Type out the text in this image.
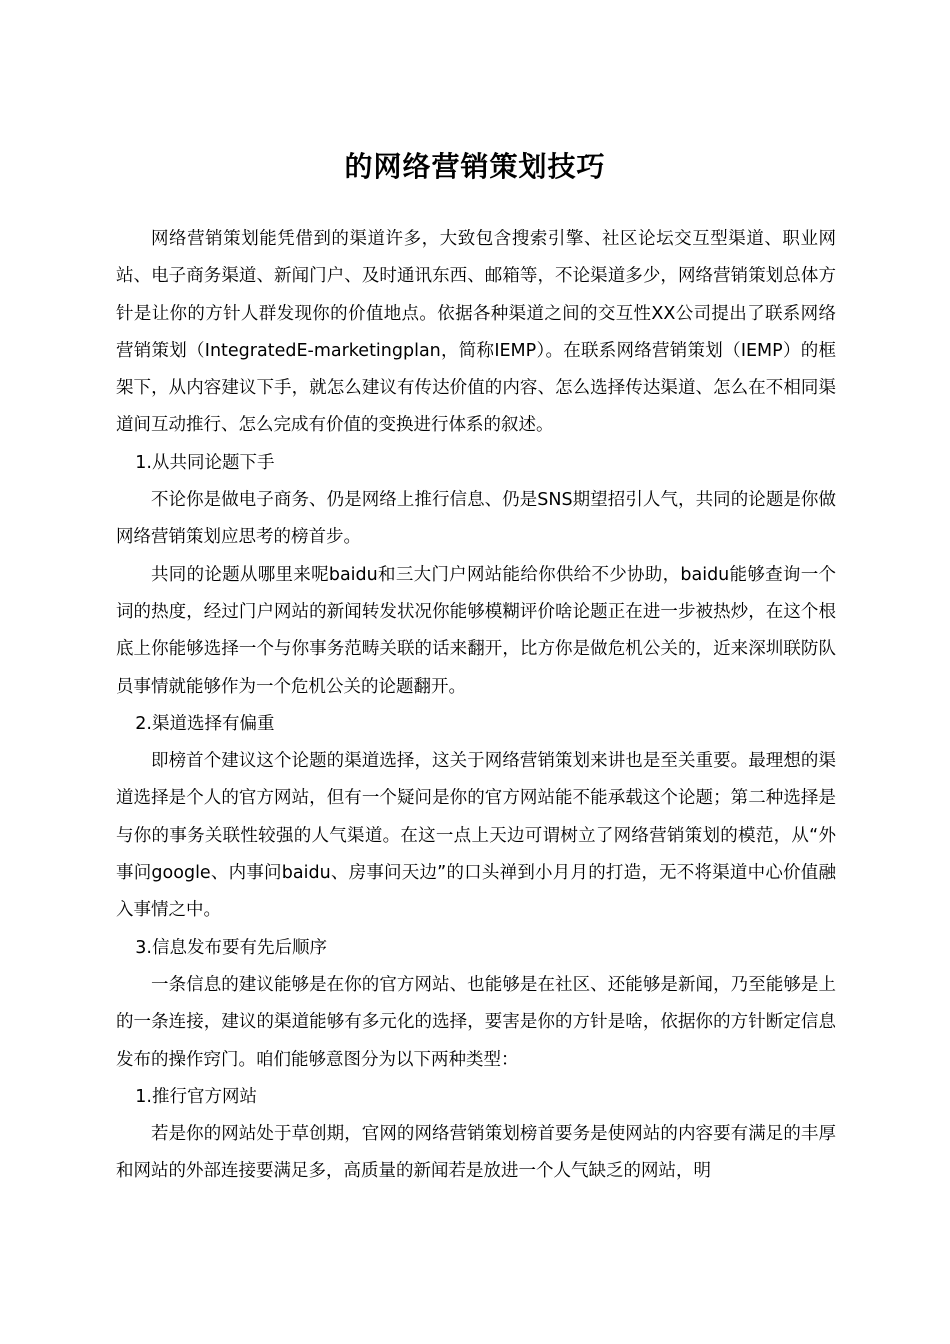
的网络营销策划技巧

网络营销策划能凭借到的渠道许多，大致包含搜索引擎、社区论坛交互型渠道、职业网站、电子商务渠道、新闻门户、及时通讯东西、邮箱等，不论渠道多少，网络营销策划总体方针是让你的方针人群发现你的价值地点。依据各种渠道之间的交互性XX公司提出了联系网络营销策划（IntegratedE-marketingplan，简称IEMP）。在联系网络营销策划（IEMP）的框架下，从内容建议下手，就怎么建议有传达价值的内容、怎么选择传达渠道、怎么在不相同渠道间互动推行、怎么完成有价值的变换进行体系的叙述。

1.从共同论题下手

不论你是做电子商务、仍是网络上推行信息、仍是SNS期望招引人气，共同的论题是你做网络营销策划应思考的榜首步。

共同的论题从哪里来呢baidu和三大门户网站能给你供给不少协助，baidu能够查询一个词的热度，经过门户网站的新闻转发状况你能够模糊评价啥论题正在进一步被热炒，在这个根底上你能够选择一个与你事务范畴关联的话来翻开，比方你是做危机公关的，近来深圳联防队员事情就能够作为一个危机公关的论题翻开。

2.渠道选择有偏重

即榜首个建议这个论题的渠道选择，这关于网络营销策划来讲也是至关重要。最理想的渠道选择是个人的官方网站，但有一个疑问是你的官方网站能不能承载这个论题；第二种选择是与你的事务关联性较强的人气渠道。在这一点上天边可谓树立了网络营销策划的模范，从“外事问google、内事问baidu、房事问天边”的口头禅到小月月的打造，无不将渠道中心价值融入事情之中。

3.信息发布要有先后顺序

一条信息的建议能够是在你的官方网站、也能够是在社区、还能够是新闻，乃至能够是上的一条连接，建议的渠道能够有多元化的选择，要害是你的方针是啥，依据你的方针断定信息发布的操作窍门。咱们能够意图分为以下两种类型：

1.推行官方网站

若是你的网站处于草创期，官网的网络营销策划榜首要务是使网站的内容要有满足的丰厚和网站的外部连接要满足多，高质量的新闻若是放进一个人气缺乏的网站，明
